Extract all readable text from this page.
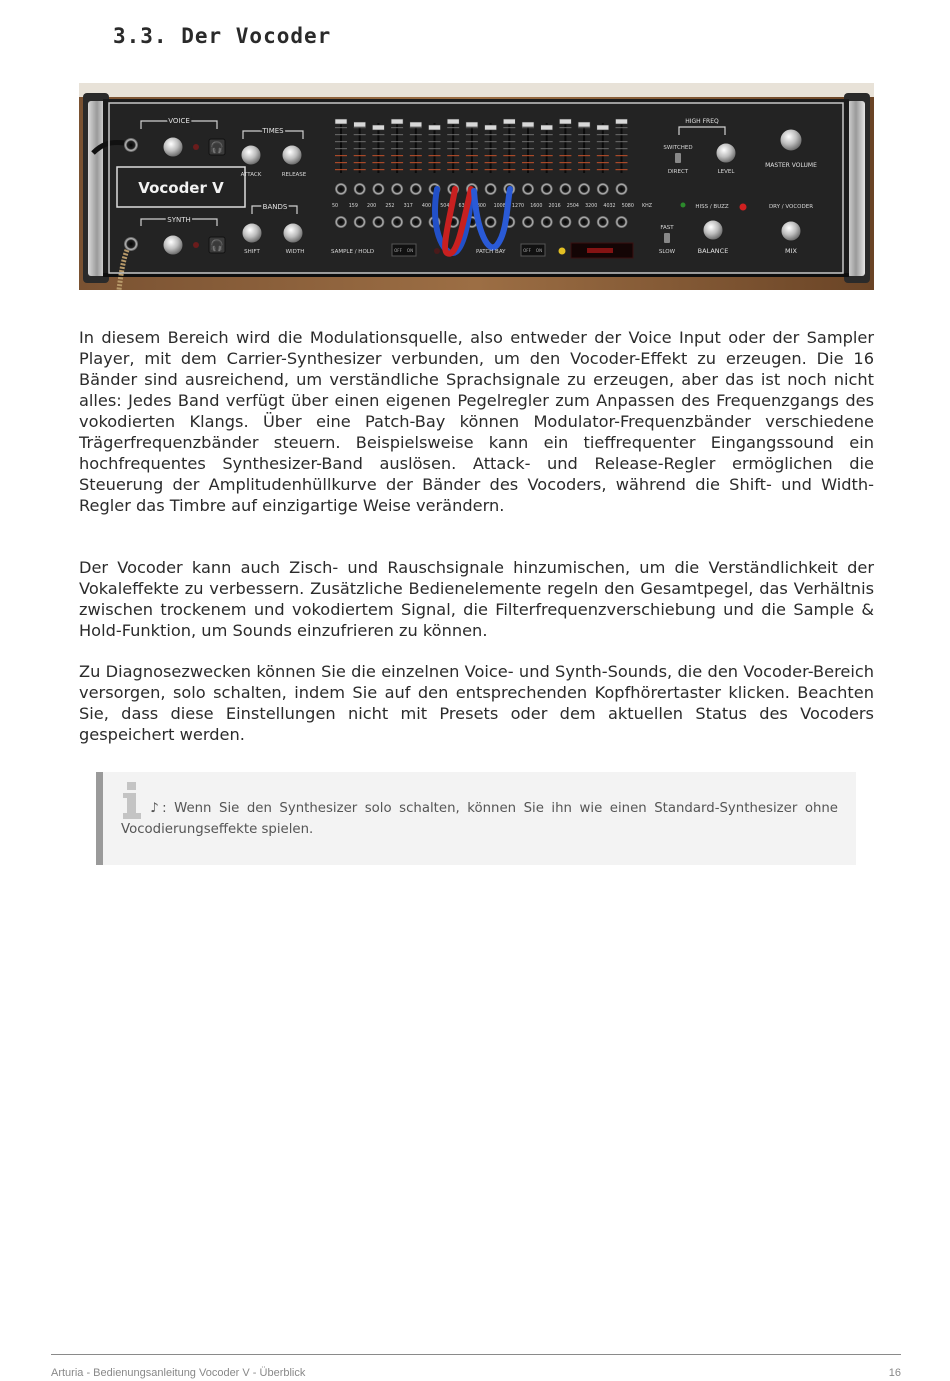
3.3. Der Vocoder
Vocoder V
VOICE
SYNTH
🎧
🎧
TIMES
ATTACK	RELEASE
BANDS
SHIFT	WIDTH
50 159 200 252 317 400 504 635 800 1008 1270 1600 2016 2504 3200 4032 5080 KHZ
SAMPLE / HOLD	OFF ON	PATCH BAY	OFF ON
HIGH FREQ
SWITCHED
DIRECT	LEVEL
MASTER VOLUME
HISS / BUZZ	DRY / VOCODER
FAST
SLOW	BALANCE	MIX

In diesem Bereich wird die Modulationsquelle, also entweder der Voice Input oder der Sampler Player, mit dem Carrier-Synthesizer verbunden, um den Vocoder-Effekt zu erzeugen. Die 16 Bänder sind ausreichend, um verständliche Sprachsignale zu erzeugen, aber das ist noch nicht alles: Jedes Band verfügt über einen eigenen Pegelregler zum Anpassen des Frequenzgangs des vokodierten Klangs. Über eine Patch-Bay können Modulator-Frequenzbänder verschiedene Trägerfrequenzbänder steuern. Beispielsweise kann ein tieffrequenter Eingangssound ein hochfrequentes Synthesizer-Band auslösen. Attack- und Release-Regler ermöglichen die Steuerung der Amplitudenhüllkurve der Bänder des Vocoders, während die Shift- und Width-Regler das Timbre auf einzigartige Weise verändern.

Der Vocoder kann auch Zisch- und Rauschsignale hinzumischen, um die Verständlichkeit der Vokaleffekte zu verbessern. Zusätzliche Bedienelemente regeln den Gesamtpegel, das Verhältnis zwischen trockenem und vokodiertem Signal, die Filterfrequenzverschiebung und die Sample & Hold-Funktion, um Sounds einzufrieren zu können.

Zu Diagnosezwecken können Sie die einzelnen Voice- und Synth-Sounds, die den Vocoder-Bereich versorgen, solo schalten, indem Sie auf den entsprechenden Kopfhörertaster klicken. Beachten Sie, dass diese Einstellungen nicht mit Presets oder dem aktuellen Status des Vocoders gespeichert werden.

♪: Wenn Sie den Synthesizer solo schalten, können Sie ihn wie einen Standard-Synthesizer ohne Vocodierungseffekte spielen.

Arturia - Bedienungsanleitung Vocoder V - Überblick	16
